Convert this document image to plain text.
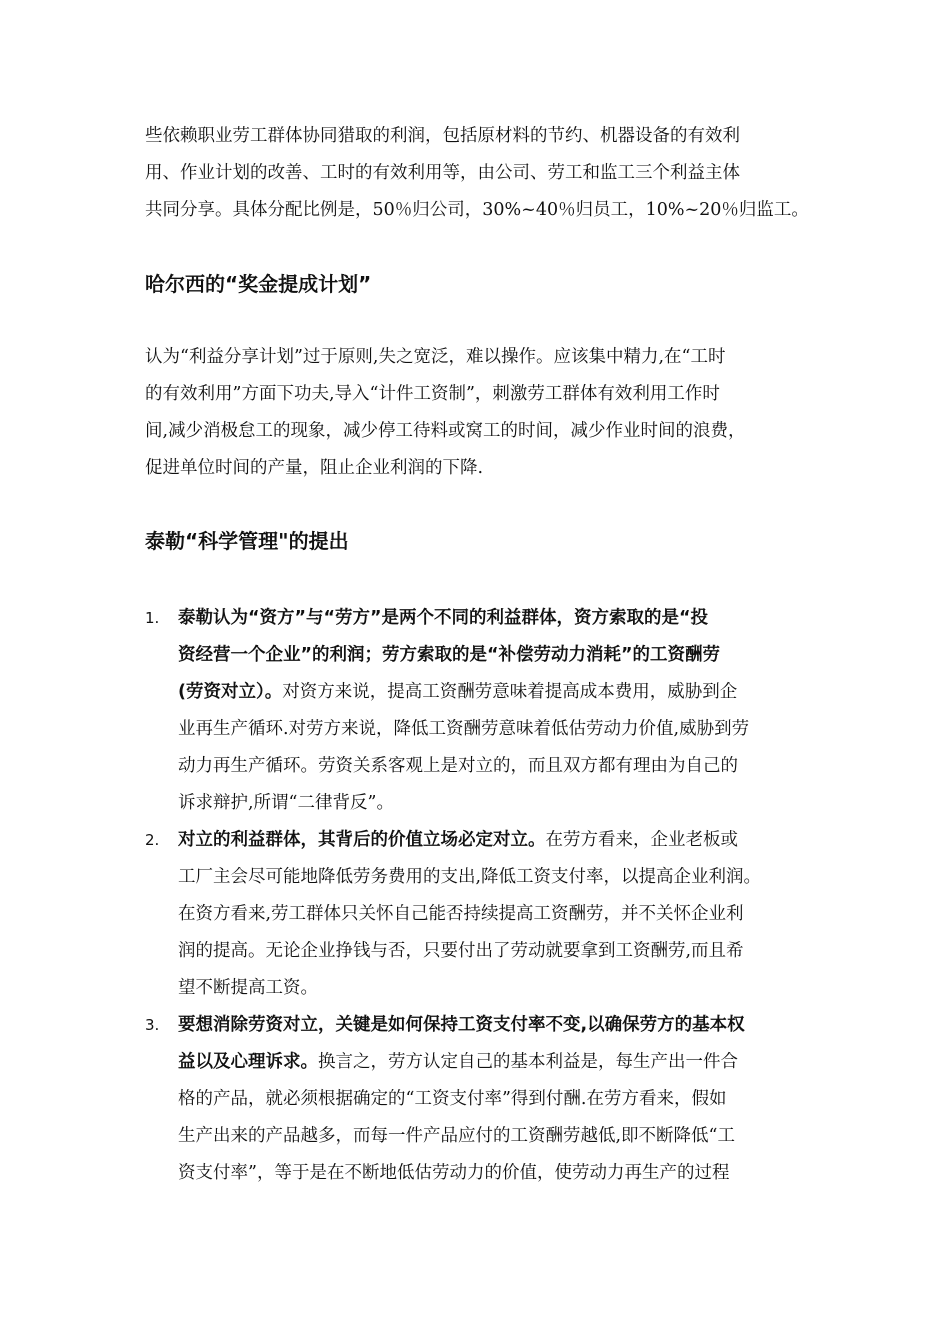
些依赖职业劳工群体协同猎取的利润，包括原材料的节约、机器设备的有效利
用、作业计划的改善、工时的有效利用等，由公司、劳工和监工三个利益主体
共同分享。具体分配比例是，50％归公司，30%~40％归员工，10%~20％归监工。

哈尔西的“奖金提成计划”

认为“利益分享计划”过于原则,失之宽泛，难以操作。应该集中精力,在“工时
的有效利用”方面下功夫,导入“计件工资制”，刺激劳工群体有效利用工作时
间,减少消极怠工的现象，减少停工待料或窝工的时间，减少作业时间的浪费，
促进单位时间的产量，阻止企业利润的下降.

泰勒“科学管理"的提出
1. 泰勒认为“资方”与“劳方”是两个不同的利益群体，资方索取的是“投
资经营一个企业”的利润；劳方索取的是“补偿劳动力消耗”的工资酬劳
(劳资对立）。对资方来说，提高工资酬劳意味着提高成本费用，威胁到企
业再生产循环.对劳方来说，降低工资酬劳意味着低估劳动力价值,威胁到劳
动力再生产循环。劳资关系客观上是对立的，而且双方都有理由为自己的
诉求辩护,所谓“二律背反”。
2. 对立的利益群体，其背后的价值立场必定对立。在劳方看来，企业老板或
工厂主会尽可能地降低劳务费用的支出,降低工资支付率，以提高企业利润。
在资方看来,劳工群体只关怀自己能否持续提高工资酬劳，并不关怀企业利
润的提高。无论企业挣钱与否，只要付出了劳动就要拿到工资酬劳,而且希
望不断提高工资。
3. 要想消除劳资对立，关键是如何保持工资支付率不变,以确保劳方的基本权
益以及心理诉求。换言之，劳方认定自己的基本利益是，每生产出一件合
格的产品，就必须根据确定的“工资支付率”得到付酬.在劳方看来，假如
生产出来的产品越多，而每一件产品应付的工资酬劳越低,即不断降低“工
资支付率”，等于是在不断地低估劳动力的价值，使劳动力再生产的过程
